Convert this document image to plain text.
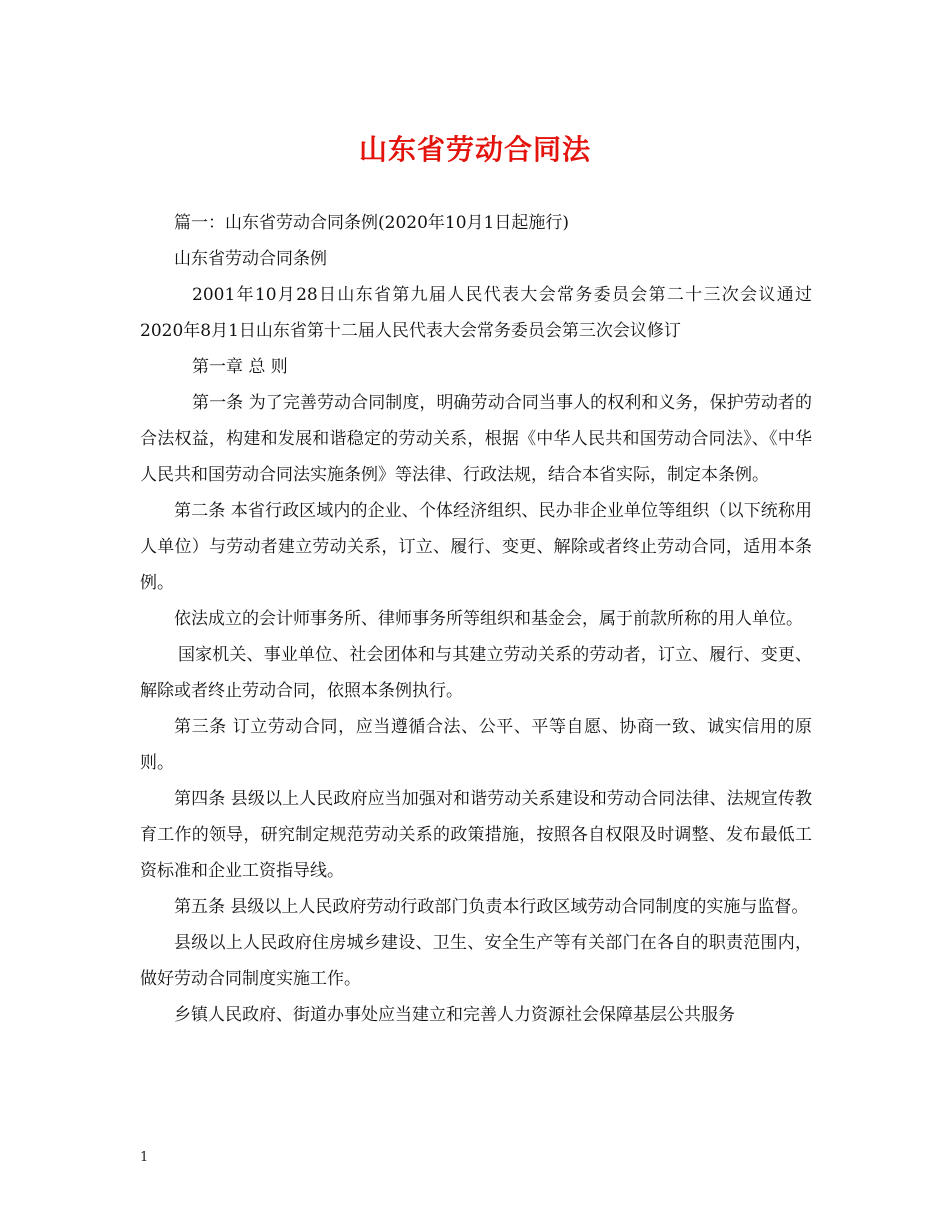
山东省劳动合同法

篇一：山东省劳动合同条例(2020年10月1日起施行)

山东省劳动合同条例

2001年10月28日山东省第九届人民代表大会常务委员会第二十三次会议通过 2020年8月1日山东省第十二届人民代表大会常务委员会第三次会议修订

第一章 总 则

第一条 为了完善劳动合同制度，明确劳动合同当事人的权利和义务，保护劳动者的合法权益，构建和发展和谐稳定的劳动关系，根据《中华人民共和国劳动合同法》、《中华人民共和国劳动合同法实施条例》等法律、行政法规，结合本省实际，制定本条例。

第二条 本省行政区域内的企业、个体经济组织、民办非企业单位等组织（以下统称用人单位）与劳动者建立劳动关系，订立、履行、变更、解除或者终止劳动合同，适用本条例。

依法成立的会计师事务所、律师事务所等组织和基金会，属于前款所称的用人单位。

国家机关、事业单位、社会团体和与其建立劳动关系的劳动者，订立、履行、变更、解除或者终止劳动合同，依照本条例执行。

第三条 订立劳动合同，应当遵循合法、公平、平等自愿、协商一致、诚实信用的原则。

第四条 县级以上人民政府应当加强对和谐劳动关系建设和劳动合同法律、法规宣传教育工作的领导，研究制定规范劳动关系的政策措施，按照各自权限及时调整、发布最低工资标准和企业工资指导线。

第五条 县级以上人民政府劳动行政部门负责本行政区域劳动合同制度的实施与监督。

县级以上人民政府住房城乡建设、卫生、安全生产等有关部门在各自的职责范围内，做好劳动合同制度实施工作。

乡镇人民政府、街道办事处应当建立和完善人力资源社会保障基层公共服务

1
